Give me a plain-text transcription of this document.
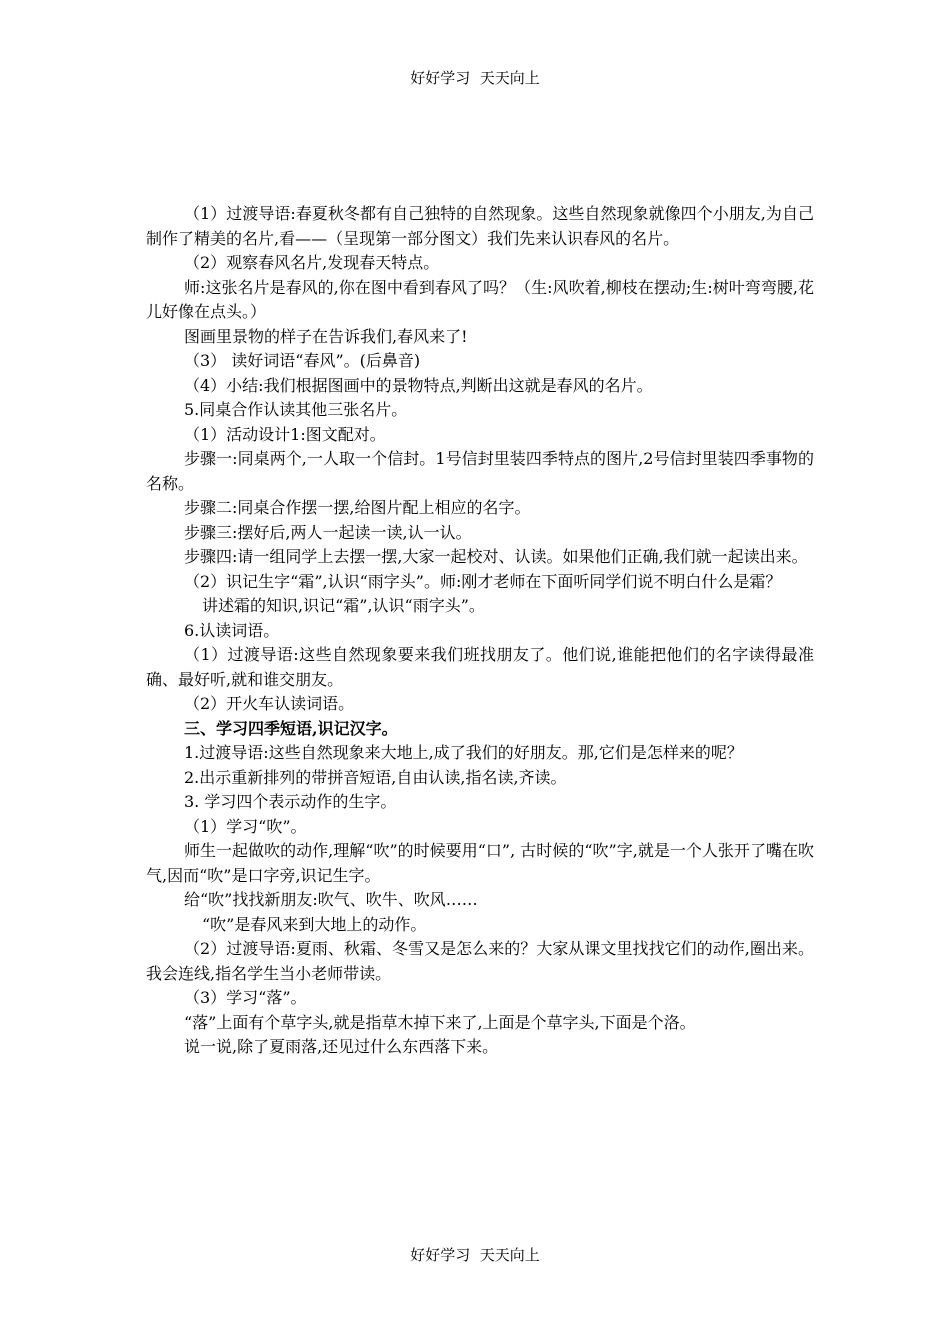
好好学习  天天向上

（1）过渡导语:春夏秋冬都有自己独特的自然现象。这些自然现象就像四个小朋友,为自己制作了精美的名片,看——（呈现第一部分图文）我们先来认识春风的名片。

（2）观察春风名片,发现春天特点。

师:这张名片是春风的,你在图中看到春风了吗？（生:风吹着,柳枝在摆动;生:树叶弯弯腰,花儿好像在点头。）

图画里景物的样子在告诉我们,春风来了!

（3） 读好词语“春风”。(后鼻音)

（4）小结:我们根据图画中的景物特点,判断出这就是春风的名片。

5.同桌合作认读其他三张名片。

（1）活动设计1:图文配对。

步骤一:同桌两个,一人取一个信封。1号信封里装四季特点的图片,2号信封里装四季事物的名称。

步骤二:同桌合作摆一摆,给图片配上相应的名字。

步骤三:摆好后,两人一起读一读,认一认。

步骤四:请一组同学上去摆一摆,大家一起校对、认读。如果他们正确,我们就一起读出来。

（2）识记生字“霜”,认识“雨字头”。师:刚才老师在下面听同学们说不明白什么是霜？

讲述霜的知识,识记“霜”,认识“雨字头”。

6.认读词语。

（1）过渡导语:这些自然现象要来我们班找朋友了。他们说,谁能把他们的名字读得最准确、最好听,就和谁交朋友。

（2）开火车认读词语。

三、学习四季短语,识记汉字。

1.过渡导语:这些自然现象来大地上,成了我们的好朋友。那,它们是怎样来的呢？

2.出示重新排列的带拼音短语,自由认读,指名读,齐读。

3. 学习四个表示动作的生字。

（1）学习“吹”。

师生一起做吹的动作,理解“吹”的时候要用“口”, 古时候的“吹”字,就是一个人张开了嘴在吹气,因而“吹”是口字旁,识记生字。

给“吹”找找新朋友:吹气、吹牛、吹风……

“吹”是春风来到大地上的动作。

（2）过渡导语:夏雨、秋霜、冬雪又是怎么来的？大家从课文里找找它们的动作,圈出来。我会连线,指名学生当小老师带读。

（3）学习“落”。

“落”上面有个草字头,就是指草木掉下来了,上面是个草字头,下面是个洛。

说一说,除了夏雨落,还见过什么东西落下来。

好好学习  天天向上
